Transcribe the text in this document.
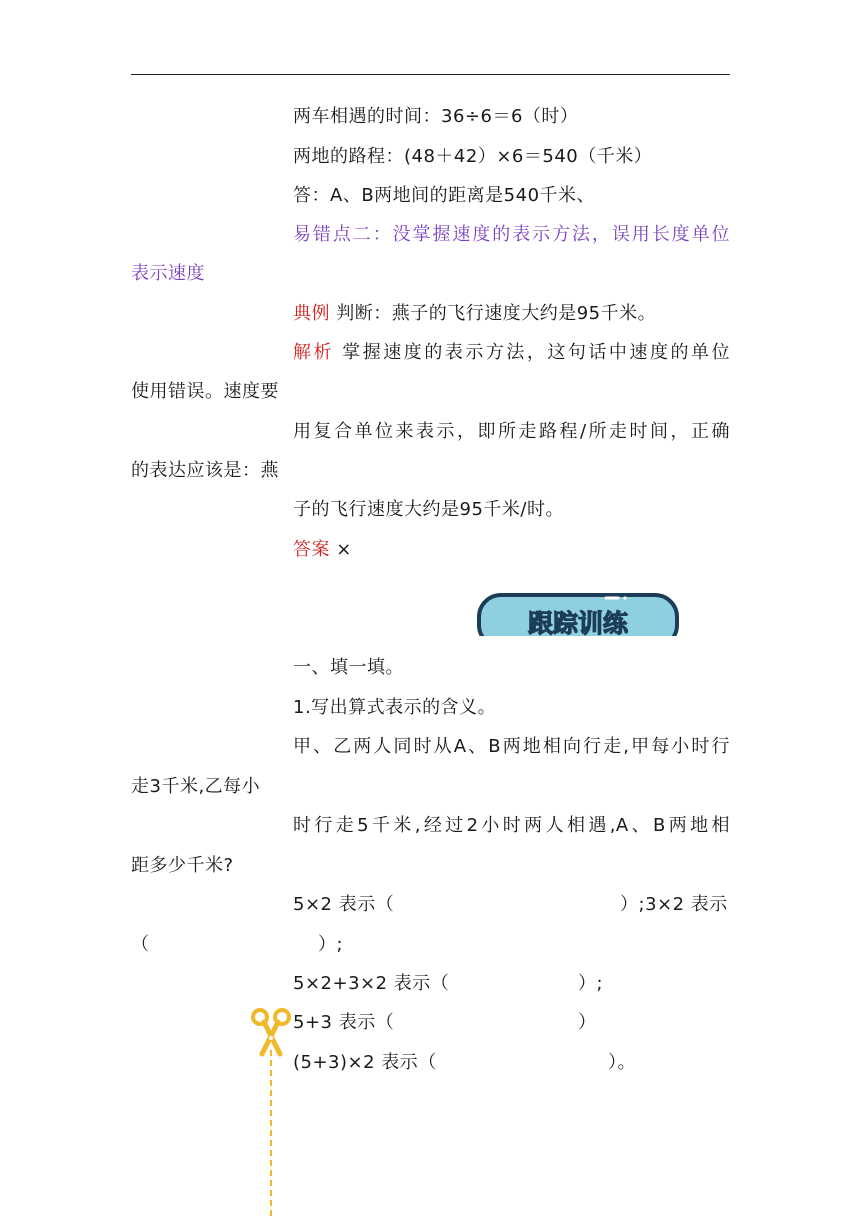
两车相遇的时间：36÷6＝6（时）
两地的路程：(48＋42）×6＝540（千米）
答：A、B两地间的距离是540千米、
易错点二：没掌握速度的表示方法，误用长度单位
表示速度
典例 判断：燕子的飞行速度大约是95千米。
解析 掌握速度的表示方法，这句话中速度的单位
使用错误。速度要
用复合单位来表示，即所走路程/所走时间，正确
的表达应该是：燕
子的飞行速度大约是95千米/时。
答案 ×
跟踪训练
一、填一填。
1.写出算式表示的含义。
甲、乙两人同时从A、B两地相向行走,甲每小时行
走3千米,乙每小
时行走5千米,经过2小时两人相遇,A、B两地相
距多少千米?
5×2 表示（	）;3×2 表示
（	）;
5×2+3×2 表示（	）;
5+3 表示（	）
(5+3)×2 表示（	）。
